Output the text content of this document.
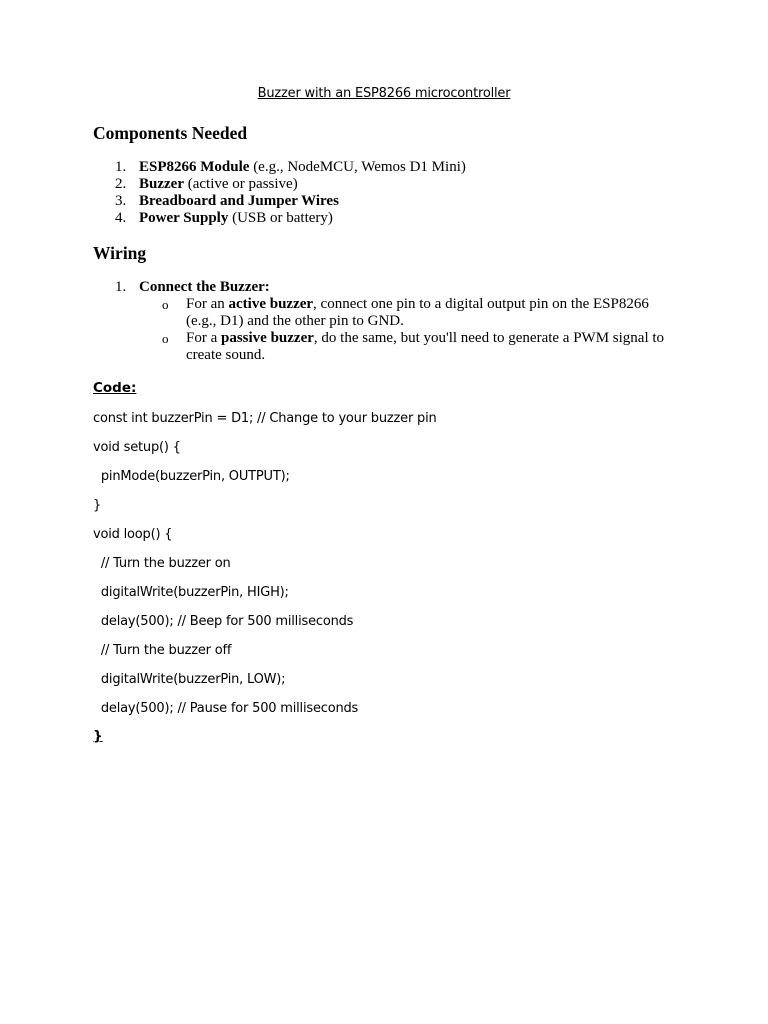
Buzzer with an ESP8266 microcontroller
Components Needed
1. ESP8266 Module (e.g., NodeMCU, Wemos D1 Mini)
2. Buzzer (active or passive)
3. Breadboard and Jumper Wires
4. Power Supply (USB or battery)
Wiring
1. Connect the Buzzer:
o For an active buzzer, connect one pin to a digital output pin on the ESP8266 (e.g., D1) and the other pin to GND.
o For a passive buzzer, do the same, but you'll need to generate a PWM signal to create sound.
Code:
const int buzzerPin = D1; // Change to your buzzer pin
void setup() {
pinMode(buzzerPin, OUTPUT);
}
void loop() {
// Turn the buzzer on
digitalWrite(buzzerPin, HIGH);
delay(500); // Beep for 500 milliseconds
// Turn the buzzer off
digitalWrite(buzzerPin, LOW);
delay(500); // Pause for 500 milliseconds
}
